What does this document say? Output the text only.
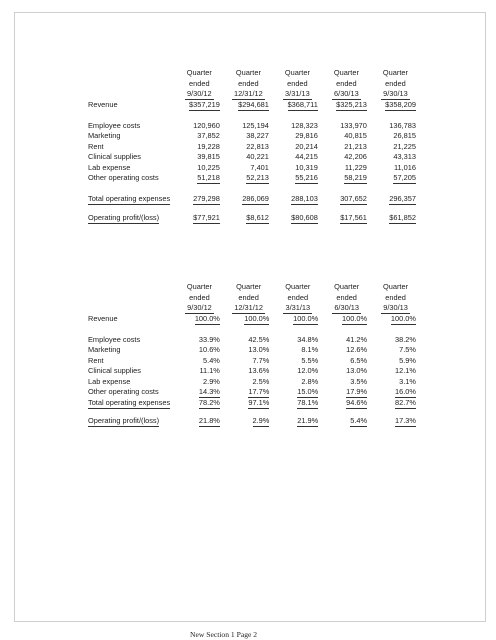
	Quarter	Quarter	Quarter	Quarter	Quarter
	ended	ended	ended	ended	ended
	9/30/12	12/31/12	3/31/13	6/30/13	9/30/13
Revenue	$357,219	$294,681	$368,711	$325,213	$358,209

Employee costs	120,960	125,194	128,323	133,970	136,783
Marketing	37,852	38,227	29,816	40,815	26,815
Rent	19,228	22,813	20,214	21,213	21,225
Clinical supplies	39,815	40,221	44,215	42,206	43,313
Lab expense	10,225	7,401	10,319	11,229	11,016
Other operating costs	51,218	52,213	55,216	58,219	57,205

Total operating expenses	279,298	286,069	288,103	307,652	296,357

Operating profit/(loss)	$77,921	$8,612	$80,608	$17,561	$61,852
	Quarter	Quarter	Quarter	Quarter	Quarter
	ended	ended	ended	ended	ended
	9/30/12	12/31/12	3/31/13	6/30/13	9/30/13
Revenue	100.0%	100.0%	100.0%	100.0%	100.0%

Employee costs	33.9%	42.5%	34.8%	41.2%	38.2%
Marketing	10.6%	13.0%	8.1%	12.6%	7.5%
Rent	5.4%	7.7%	5.5%	6.5%	5.9%
Clinical supplies	11.1%	13.6%	12.0%	13.0%	12.1%
Lab expense	2.9%	2.5%	2.8%	3.5%	3.1%
Other operating costs	14.3%	17.7%	15.0%	17.9%	16.0%
Total operating expenses	78.2%	97.1%	78.1%	94.6%	82.7%

Operating profit/(loss)	21.8%	2.9%	21.9%	5.4%	17.3%
New Section 1 Page 2
